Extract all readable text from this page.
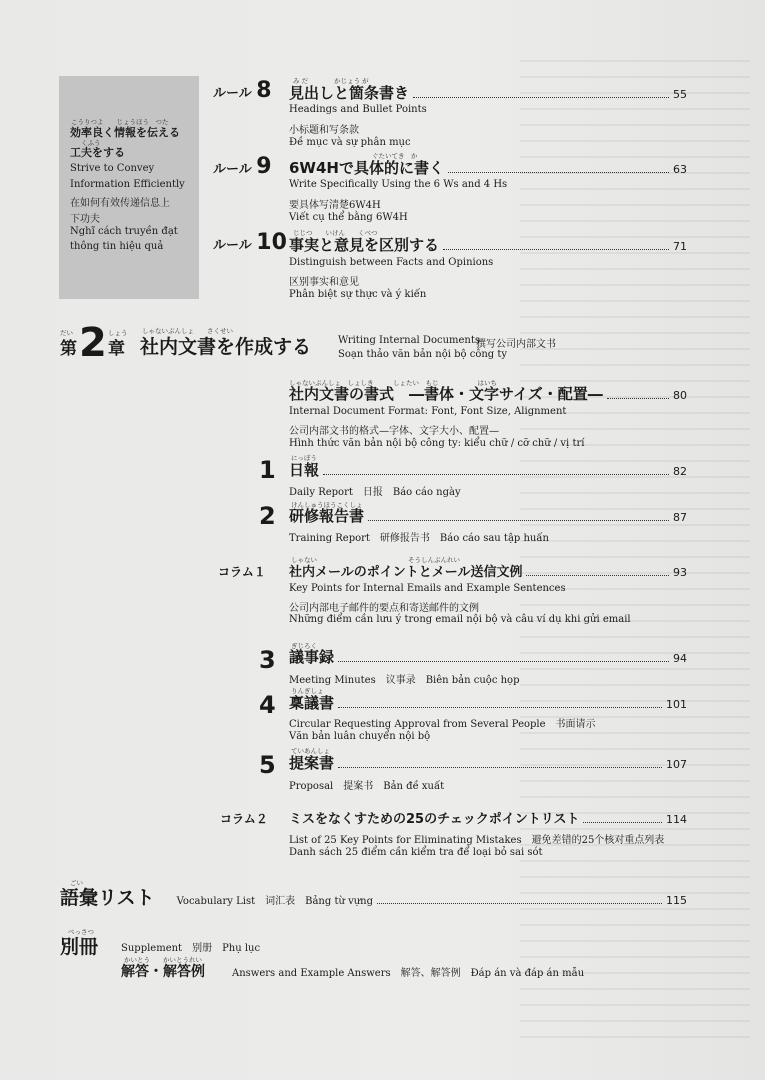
こうりつよ　　じょうほう　つた
効率良く情報を伝える
くふう
工夫をする
Strive to Convey
Information Efficiently
在如何有效传递信息上
下功夫
Nghĩ cách truyền đạt
thông tin hiệu quả
ルール 8	み だ　　　　かじょう が
見出しと箇条書き	55
Headings and Bullet Points
小标题和写条款
Đề mục và sự phân mục
ルール 9	ぐたいてき　か
6W4Hで具体的に書く	63
Write Specifically Using the 6 Ws and 4 Hs
要具体写清楚6W4H
Viết cụ thể bằng 6W4H
ルール 10 じじつ　　いけん　　くべつ
事実と意見を区別する	71
Distinguish between Facts and Opinions
区别事实和意见
Phân biệt sự thực và ý kiến
だい
第 2 しょう
章
しゃないぶんしょ　　さくせい
社内文書を作成する	Writing Internal Documents
撰写公司内部文书
Soạn thảo văn bản nội bộ công ty
しゃないぶんしょ　しょしき　　　しょたい　もじ　　　　　　はいち
社内文書の書式　―書体・文字サイズ・配置―	80
Internal Document Format: Font, Font Size, Alignment
公司内部文书的格式—字体、文字大小、配置—
Hình thức văn bản nội bộ công ty: kiểu chữ / cỡ chữ / vị trí
1 にっぽう
日報	82
Daily Report　日报　Báo cáo ngày
2 けんしゅうほうこくしょ
研修報告書	87
Training Report　研修报告书　Báo cáo sau tập huấn
コラム１
しゃない　　　　　　　　　　　　　　そうしんぶんれい
社内メールのポイントとメール送信文例	93
Key Points for Internal Emails and Example Sentences
公司内部电子邮件的要点和寄送邮件的文例
Những điểm cần lưu ý trong email nội bộ và câu ví dụ khi gửi email
3 ぎじろく
議事録	94
Meeting Minutes　议事录　Biên bản cuộc họp
4 りんぎしょ
稟議書	101
Circular Requesting Approval from Several People　书面请示
Văn bản luân chuyển nội bộ
5 ていあんしょ
提案書	107
Proposal　提案书　Bản đề xuất
コラム２ ミスをなくすための25のチェックポイントリスト	114
List of 25 Key Points for Eliminating Mistakes　避免差错的25个核对重点列表
Danh sách 25 điểm cần kiểm tra để loại bỏ sai sót
ごい
語彙リスト Vocabulary List　词汇表　Bảng từ vựng	115
べっさつ
別冊 Supplement　别册　Phụ lục
かいとう　　かいとうれい
解答・解答例	Answers and Example Answers　解答、解答例　Đáp án và đáp án mẫu
